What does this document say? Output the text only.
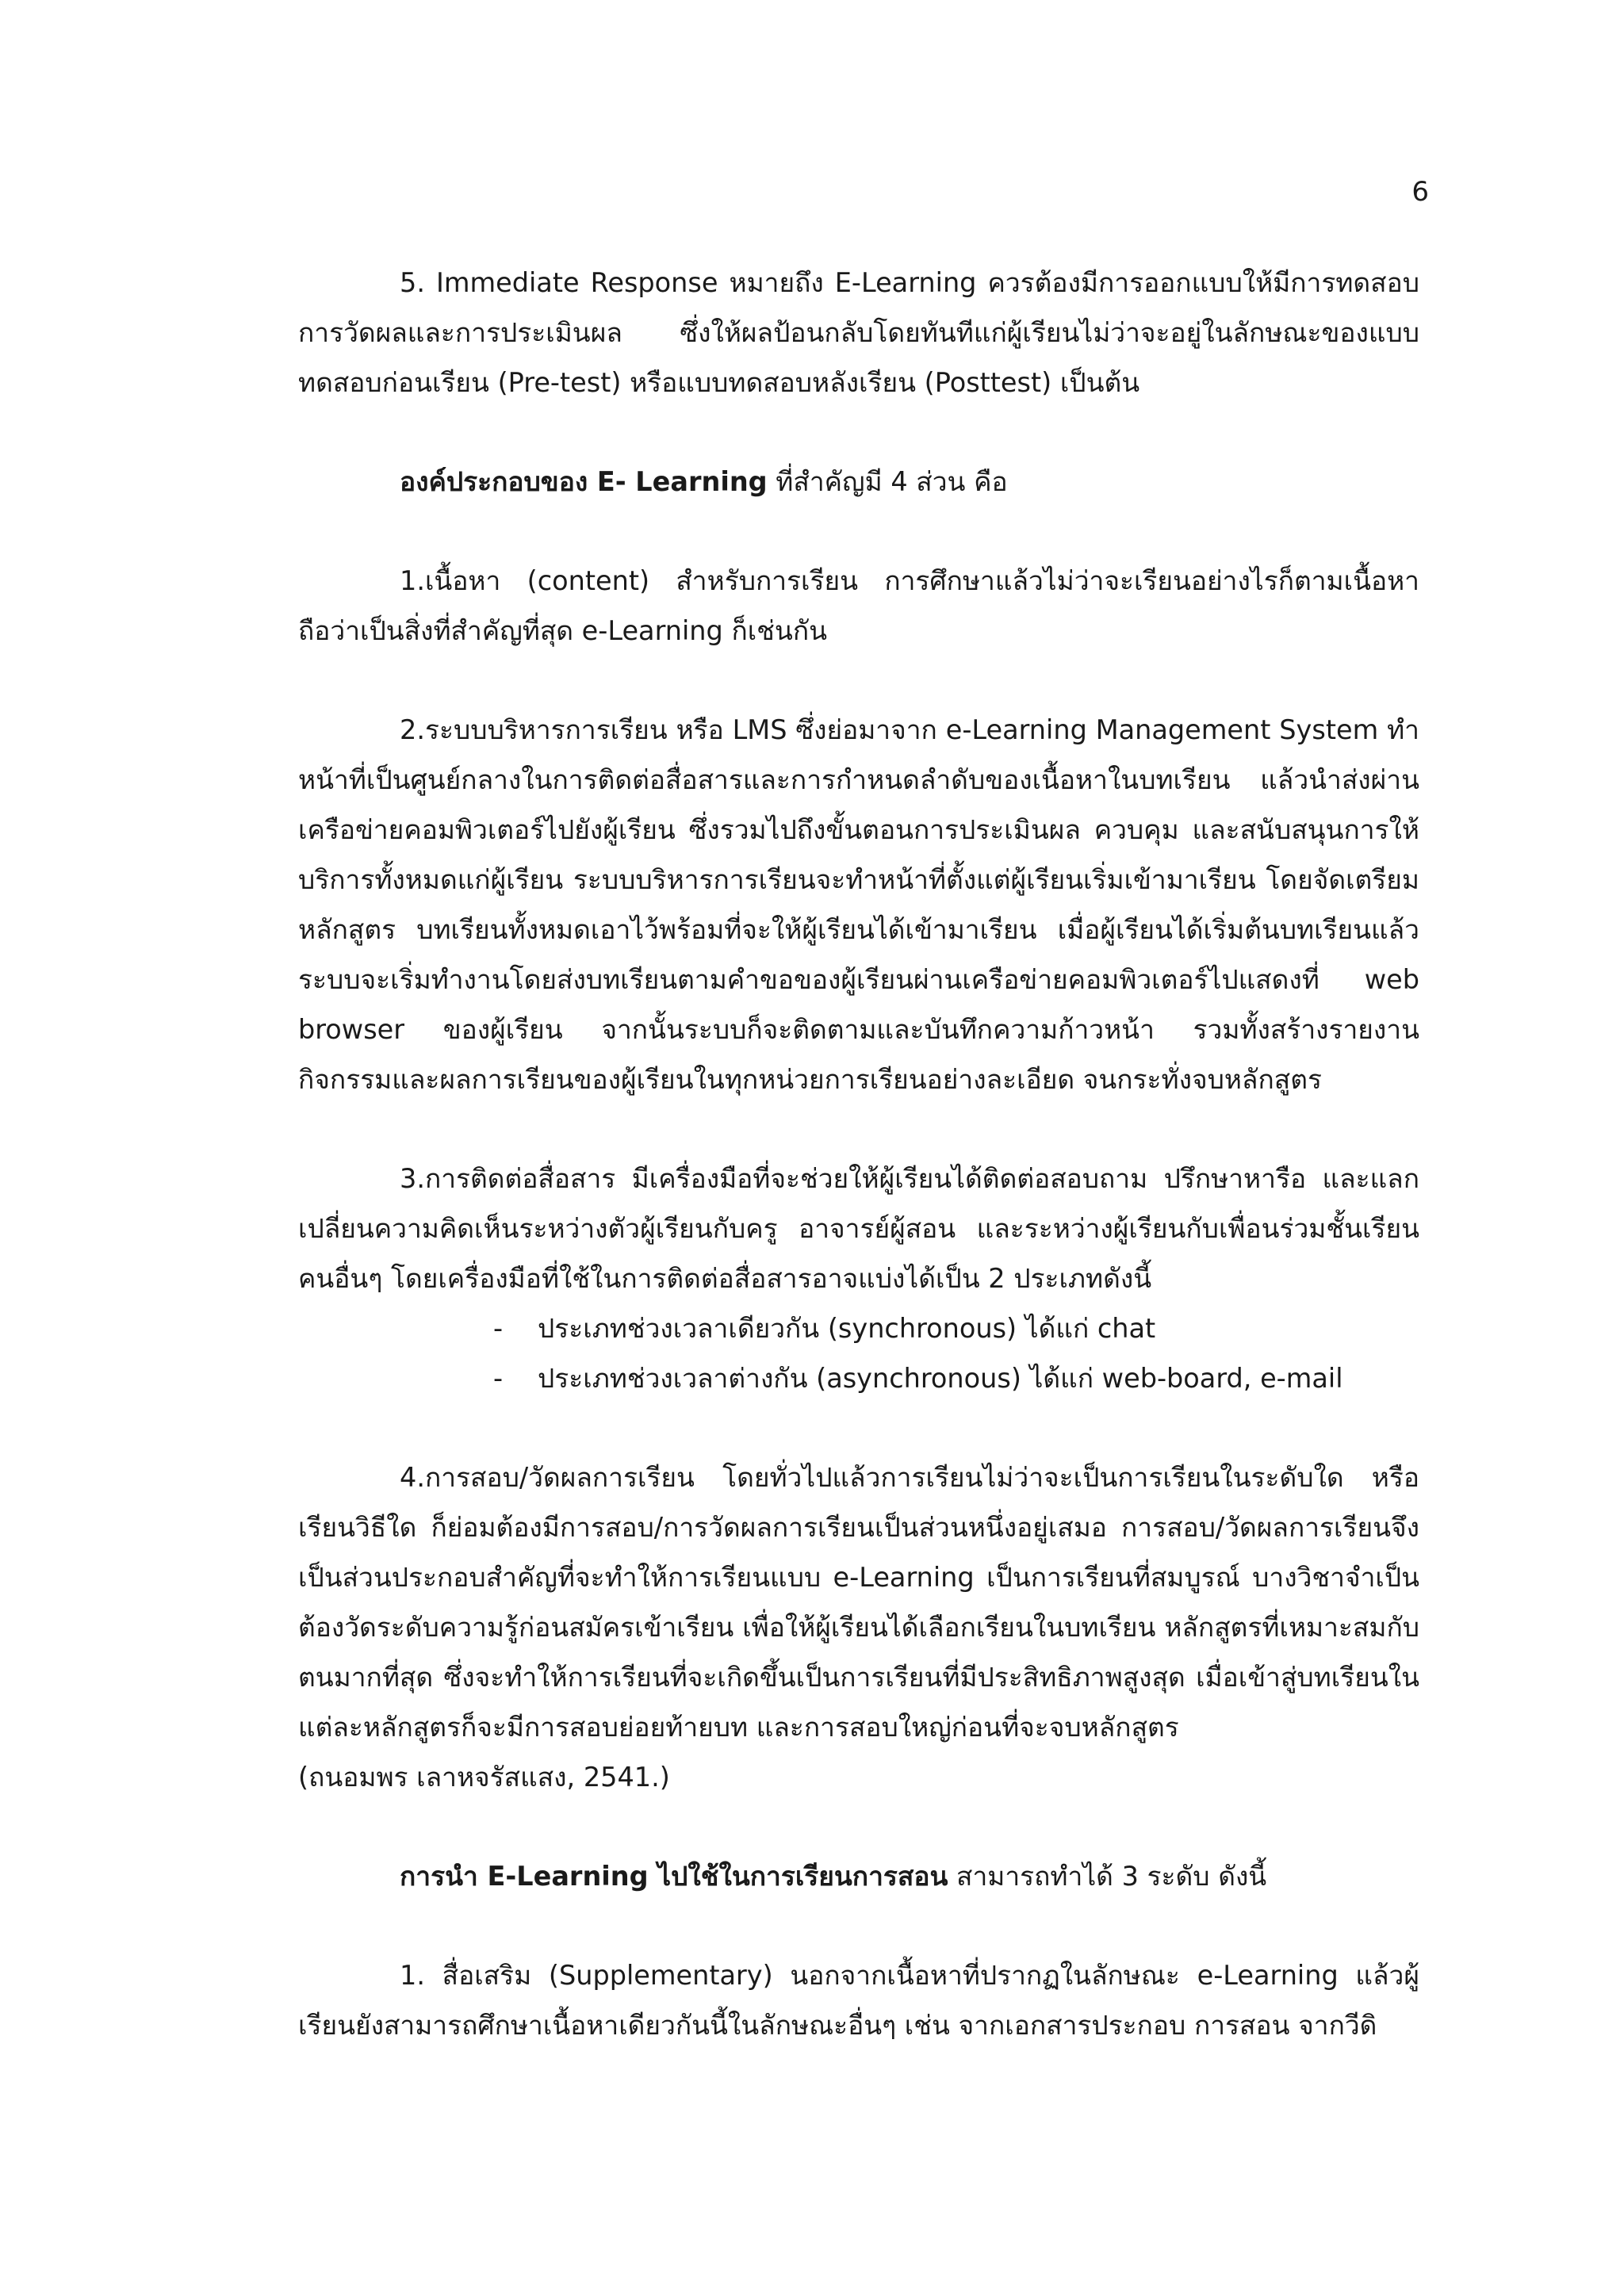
6

5. Immediate Response หมายถึง E-Learning ควรต้องมีการออกแบบให้มีการทดสอบการวัดผลและการประเมินผล ซึ่งให้ผลป้อนกลับโดยทันทีแก่ผู้เรียนไม่ว่าจะอยู่ในลักษณะของแบบทดสอบก่อนเรียน (Pre-test) หรือแบบทดสอบหลังเรียน (Posttest) เป็นต้น

องค์ประกอบของ E- Learning ที่สำคัญมี 4 ส่วน คือ

1.เนื้อหา (content) สำหรับการเรียน การศึกษาแล้วไม่ว่าจะเรียนอย่างไรก็ตามเนื้อหาถือว่าเป็นสิ่งที่สำคัญที่สุด e-Learning ก็เช่นกัน

2.ระบบบริหารการเรียน หรือ LMS ซึ่งย่อมาจาก e-Learning Management System ทำหน้าที่เป็นศูนย์กลางในการติดต่อสื่อสารและการกำหนดลำดับของเนื้อหาในบทเรียน แล้วนำส่งผ่านเครือข่ายคอมพิวเตอร์ไปยังผู้เรียน ซึ่งรวมไปถึงขั้นตอนการประเมินผล ควบคุม และสนับสนุนการให้บริการทั้งหมดแก่ผู้เรียน ระบบบริหารการเรียนจะทำหน้าที่ตั้งแต่ผู้เรียนเริ่มเข้ามาเรียน โดยจัดเตรียมหลักสูตร บทเรียนทั้งหมดเอาไว้พร้อมที่จะให้ผู้เรียนได้เข้ามาเรียน เมื่อผู้เรียนได้เริ่มต้นบทเรียนแล้วระบบจะเริ่มทำงานโดยส่งบทเรียนตามคำขอของผู้เรียนผ่านเครือข่ายคอมพิวเตอร์ไปแสดงที่ web browser ของผู้เรียน จากนั้นระบบก็จะติดตามและบันทึกความก้าวหน้า รวมทั้งสร้างรายงานกิจกรรมและผลการเรียนของผู้เรียนในทุกหน่วยการเรียนอย่างละเอียด จนกระทั่งจบหลักสูตร

3.การติดต่อสื่อสาร มีเครื่องมือที่จะช่วยให้ผู้เรียนได้ติดต่อสอบถาม ปรึกษาหารือ และแลกเปลี่ยนความคิดเห็นระหว่างตัวผู้เรียนกับครู อาจารย์ผู้สอน และระหว่างผู้เรียนกับเพื่อนร่วมชั้นเรียนคนอื่นๆ โดยเครื่องมือที่ใช้ในการติดต่อสื่อสารอาจแบ่งได้เป็น 2 ประเภทดังนี้

- ประเภทช่วงเวลาเดียวกัน (synchronous) ได้แก่ chat
- ประเภทช่วงเวลาต่างกัน (asynchronous) ได้แก่ web-board, e-mail

4.การสอบ/วัดผลการเรียน โดยทั่วไปแล้วการเรียนไม่ว่าจะเป็นการเรียนในระดับใด หรือเรียนวิธีใด ก็ย่อมต้องมีการสอบ/การวัดผลการเรียนเป็นส่วนหนึ่งอยู่เสมอ การสอบ/วัดผลการเรียนจึงเป็นส่วนประกอบสำคัญที่จะทำให้การเรียนแบบ e-Learning เป็นการเรียนที่สมบูรณ์ บางวิชาจำเป็นต้องวัดระดับความรู้ก่อนสมัครเข้าเรียน เพื่อให้ผู้เรียนได้เลือกเรียนในบทเรียน หลักสูตรที่เหมาะสมกับตนมากที่สุด ซึ่งจะทำให้การเรียนที่จะเกิดขึ้นเป็นการเรียนที่มีประสิทธิภาพสูงสุด เมื่อเข้าสู่บทเรียนในแต่ละหลักสูตรก็จะมีการสอบย่อยท้ายบท และการสอบใหญ่ก่อนที่จะจบหลักสูตร

(ถนอมพร เลาหจรัสแสง, 2541.)

การนำ E-Learning ไปใช้ในการเรียนการสอน สามารถทำได้ 3 ระดับ ดังนี้

1. สื่อเสริม (Supplementary) นอกจากเนื้อหาที่ปรากฏในลักษณะ e-Learning แล้วผู้เรียนยังสามารถศึกษาเนื้อหาเดียวกันนี้ในลักษณะอื่นๆ เช่น จากเอกสารประกอบ การสอน จากวีดิ
